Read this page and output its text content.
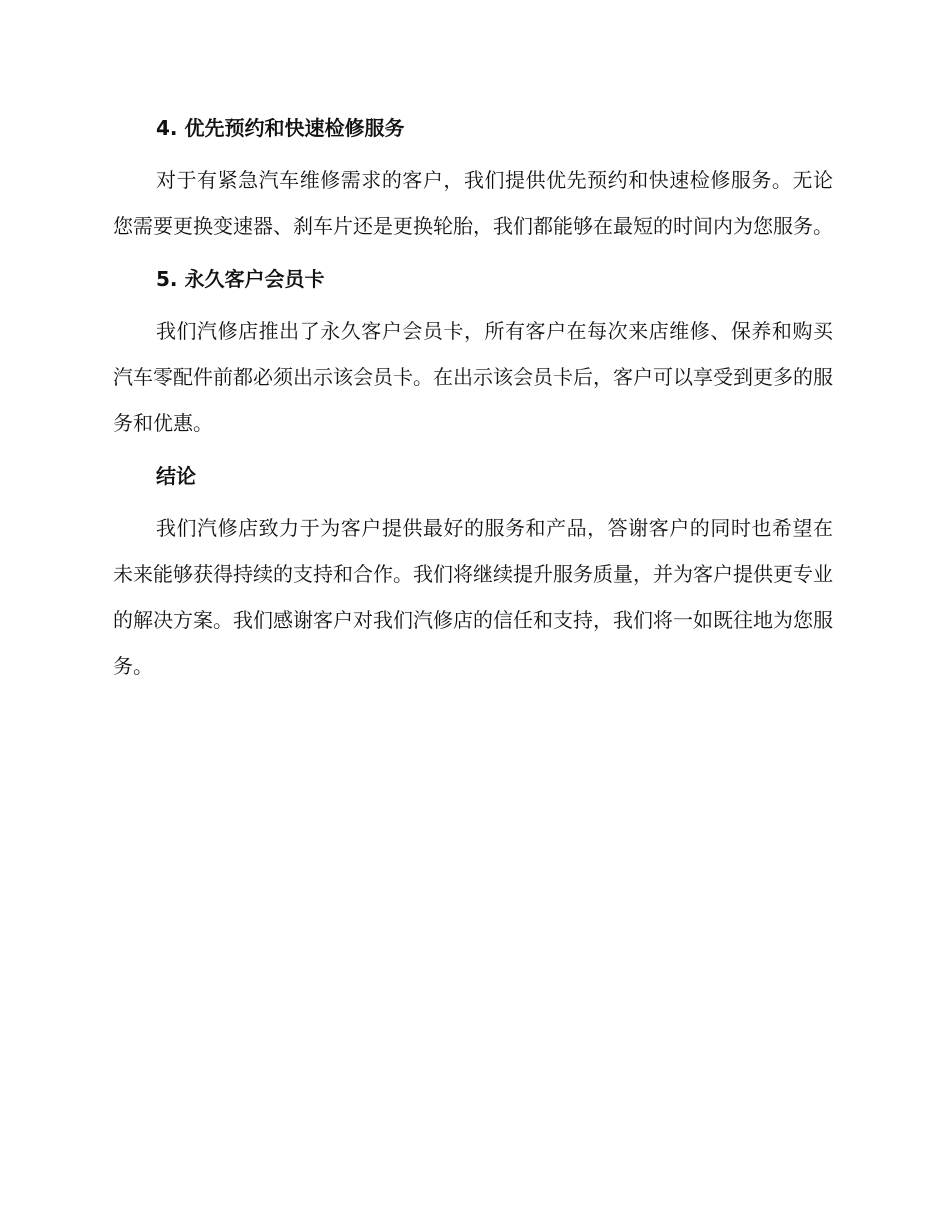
4. 优先预约和快速检修服务

对于有紧急汽车维修需求的客户，我们提供优先预约和快速检修服务。无论您需要更换变速器、刹车片还是更换轮胎，我们都能够在最短的时间内为您服务。

5. 永久客户会员卡

我们汽修店推出了永久客户会员卡，所有客户在每次来店维修、保养和购买汽车零配件前都必须出示该会员卡。在出示该会员卡后，客户可以享受到更多的服务和优惠。

结论

我们汽修店致力于为客户提供最好的服务和产品，答谢客户的同时也希望在未来能够获得持续的支持和合作。我们将继续提升服务质量，并为客户提供更专业的解决方案。我们感谢客户对我们汽修店的信任和支持，我们将一如既往地为您服务。
